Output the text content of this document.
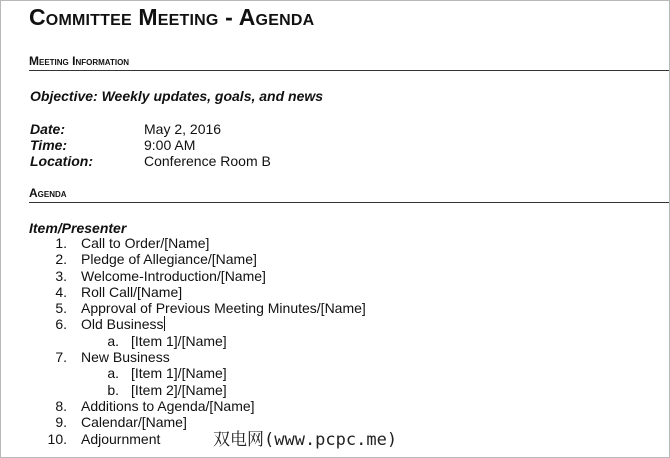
Committee Meeting - Agenda
Meeting Information
Objective: Weekly updates, goals, and news
Date:	May 2, 2016
Time:	9:00 AM
Location:	Conference Room B
Agenda
Item/Presenter
1. Call to Order/[Name]
2. Pledge of Allegiance/[Name]
3. Welcome-Introduction/[Name]
4. Roll Call/[Name]
5. Approval of Previous Meeting Minutes/[Name]
6. Old Business
a. [Item 1]/[Name]
7. New Business
a. [Item 1]/[Name]
b. [Item 2]/[Name]
8. Additions to Agenda/[Name]
9. Calendar/[Name]
10. Adjournment	双电网(www.pcpc.me)
